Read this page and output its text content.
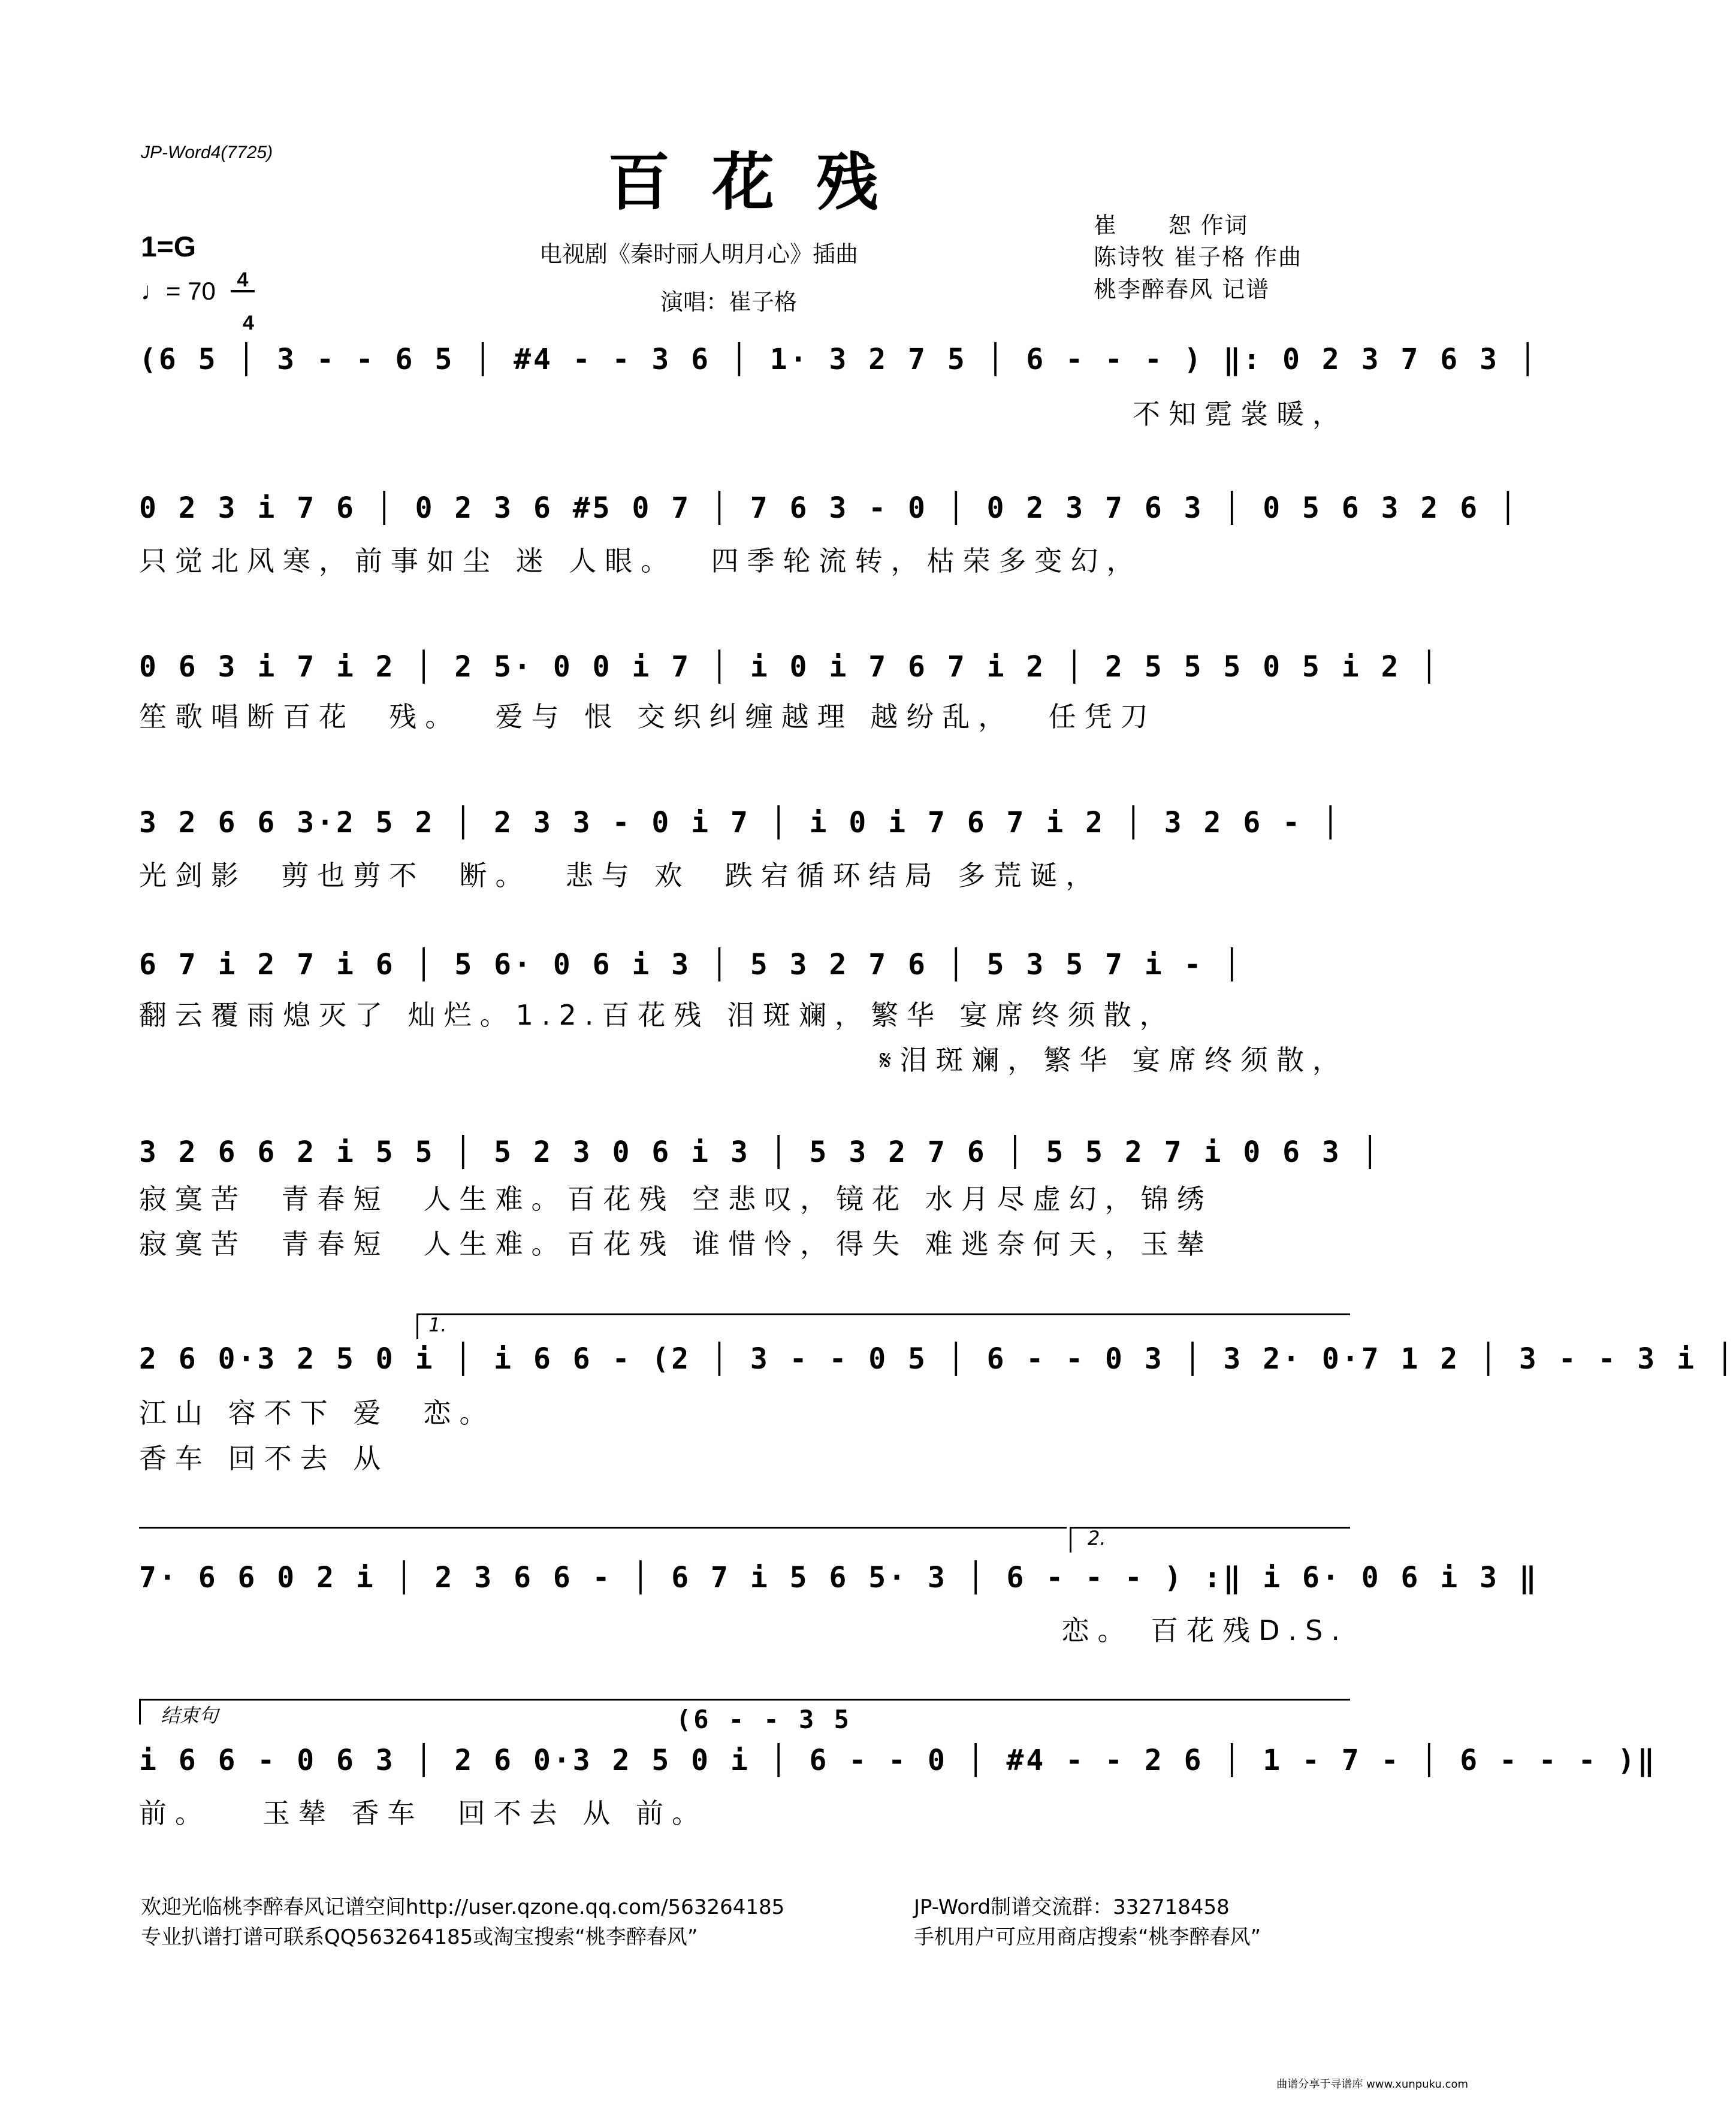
JP-Word4(7725)	百花残
1=G

4

4

♩= 70
电视剧《秦时丽人明月心》插曲
演唱：崔子格
崔      恕 作词
陈诗牧 崔子格 作曲
桃李醉春风 记谱
(6 5 │ 3 - - 6 5 │ #4 - - 3 6 │ 1· 3 2 7 5 │ 6 - - - ) ‖: 0 2 3 7 6 3 │
不知霓裳暖，
0 2 3 i 7 6 │ 0 2 3 6 #5 0 7 │ 7 6 3 - 0 │ 0 2 3 7 6 3 │ 0 5 6 3 2 6 │
只觉北风寒，前事如尘 迷 人眼。  四季轮流转，枯荣多变幻，
0 6 3 i 7 i 2 │ 2 5· 0 0 i 7 │ i 0 i 7 6 7 i 2 │ 2 5 5 5 0 5 i 2 │
笙歌唱断百花  残。  爱与 恨 交织纠缠越理 越纷乱，  任凭刀
3 2 6 6 3·2 5 2 │ 2 3 3 - 0 i 7 │ i 0 i 7 6 7 i 2 │ 3 2 6 - │
光剑影  剪也剪不  断。  悲与 欢  跌宕循环结局 多荒诞，
6 7 i 2 7 i 6 │ 5 6· 0 6 i 3 │ 5 3 2 7 6 │ 5 3 5 7 i - │
翻云覆雨熄灭了 灿烂。1.2.百花残 泪斑斓，繁华 宴席终须散，
𝄋泪斑斓，繁华 宴席终须散，
3 2 6 6 2 i 5 5 │ 5 2 3 0 6 i 3 │ 5 3 2 7 6 │ 5 5 2 7 i 0 6 3 │
寂寞苦  青春短  人生难。百花残 空悲叹，镜花 水月尽虚幻，锦绣
寂寞苦  青春短  人生难。百花残 谁惜怜，得失 难逃奈何天，玉辇
1.
2 6 0·3 2 5 0 i │ i 6 6 - (2 │ 3 - - 0 5 │ 6 - - 0 3 │ 3 2· 0·7 1 2 │ 3 - - 3 i │
江山 容不下 爱  恋。
香车 回不去 从
2.
7· 6 6 0 2 i │ 2 3 6 6 - │ 6 7 i 5 6 5· 3 │ 6 - - - ) :‖ i 6· 0 6 i 3 ‖
恋。 百花残D.S.
结束句	(6 - - 3 5
i 6 6 - 0 6 3 │ 2 6 0·3 2 5 0 i │ 6 - - 0 │ #4 - - 2 6 │ 1 - 7 - │ 6 - - - )‖
前。   玉辇 香车  回不去 从 前。
欢迎光临桃李醉春风记谱空间http://user.qzone.qq.com/563264185	JP-Word制谱交流群：332718458
专业扒谱打谱可联系QQ563264185或淘宝搜索“桃李醉春风”	手机用户可应用商店搜索“桃李醉春风”
曲谱分享于寻谱库 www.xunpuku.com
